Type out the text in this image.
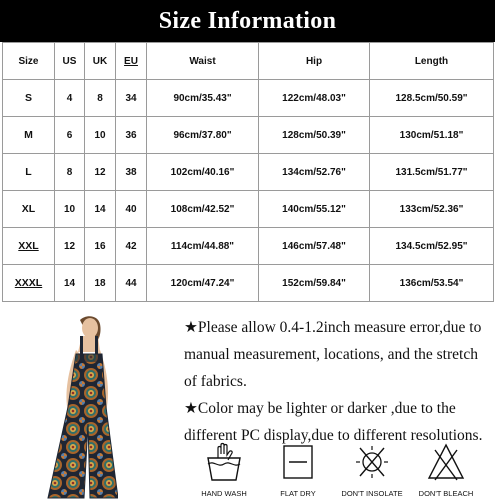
Size Information
Size	US	UK	EU	Waist	Hip	Length
S	4	8	34	90cm/35.43"	122cm/48.03"	128.5cm/50.59"
M	6	10	36	96cm/37.80"	128cm/50.39"	130cm/51.18"
L	8	12	38	102cm/40.16"	134cm/52.76"	131.5cm/51.77"
XL	10	14	40	108cm/42.52"	140cm/55.12"	133cm/52.36"
XXL	12	16	42	114cm/44.88"	146cm/57.48"	134.5cm/52.95"
XXXL	14	18	44	120cm/47.24"	152cm/59.84"	136cm/53.54"

★Please allow 0.4-1.2inch measure error,due to

manual measurement, locations, and the stretch

of fabrics.

★Color may be lighter or darker ,due to the

different PC display,due to different resolutions.

HAND WASH	FLAT DRY	DON'T INSOLATE	DON'T BLEACH
